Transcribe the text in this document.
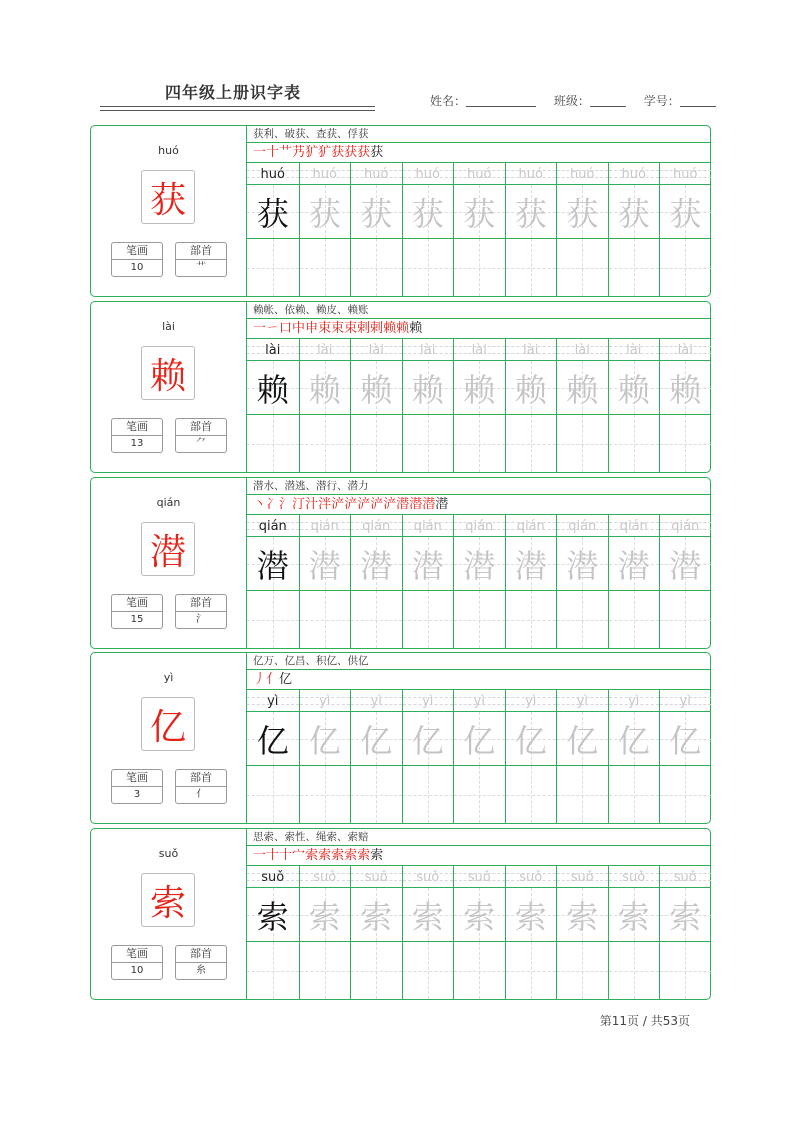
四年级上册识字表	姓名：	班级：	学号：
huó
获
笔画
10
部首
艹
获利、破获、查获、俘获
一十艹艿犷犷获获获获
huó
获
huó
获
huó
获
huó
获
huó
获
huó
获
huó
获
huó
获
huó
获
lài
赖
笔画
13
部首
⺈
赖帐、依赖、赖皮、赖账
一ㄧ口中申束束束剌剌赖赖赖
lài
赖
lài
赖
lài
赖
lài
赖
lài
赖
lài
赖
lài
赖
lài
赖
lài
赖
qián
潜
笔画
15
部首
氵
潜水、潜逃、潜行、潜力
丶冫氵汀汁泮浐浐浐浐浐潜潜潜潜
qián
潜
qián
潜
qián
潜
qián
潜
qián
潜
qián
潜
qián
潜
qián
潜
qián
潜
yì
亿
笔画
3
部首
亻
亿万、亿昌、积亿、供亿
丿亻亿
yì
亿
yì
亿
yì
亿
yì
亿
yì
亿
yì
亿
yì
亿
yì
亿
yì
亿
suǒ
索
笔画
10
部首
糸
思索、索性、绳索、索赔
一十十宀索索索索索索
suǒ
索
suǒ
索
suǒ
索
suǒ
索
suǒ
索
suǒ
索
suǒ
索
suǒ
索
suǒ
索
第11页 / 共53页
